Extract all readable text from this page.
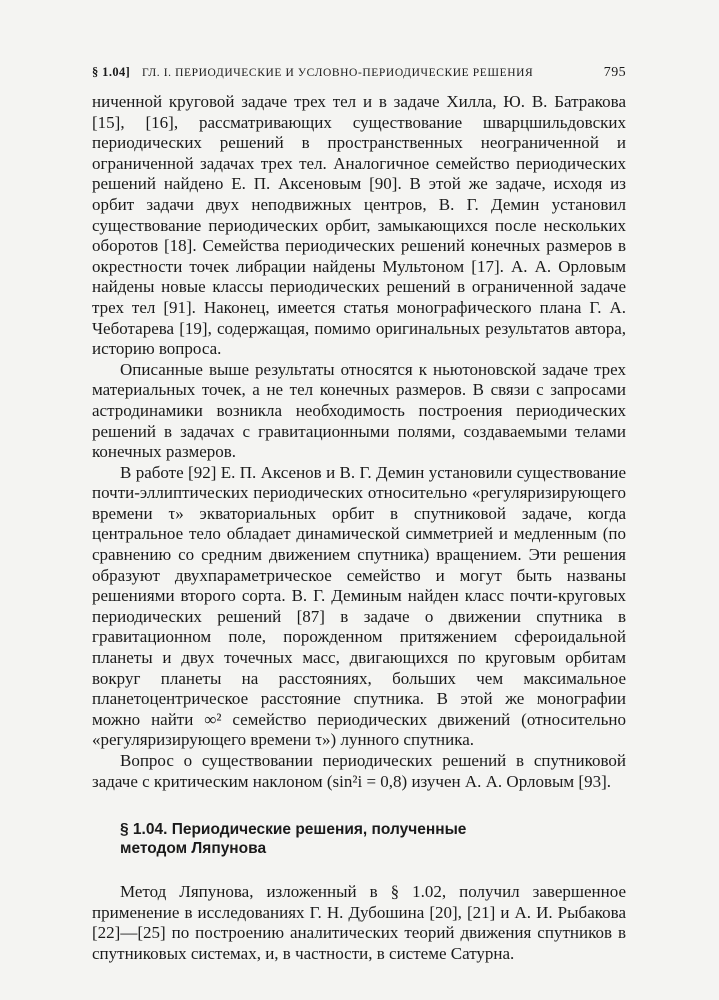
§ 1.04]	ГЛ. I. ПЕРИОДИЧЕСКИЕ И УСЛОВНО-ПЕРИОДИЧЕСКИЕ РЕШЕНИЯ	795

ниченной круговой задаче трех тел и в задаче Хилла, Ю. В. Батракова [15], [16], рассматривающих существование шварцшильдовских периодических решений в пространственных неограниченной и ограниченной задачах трех тел. Аналогичное семейство периодических решений найдено Е. П. Аксеновым [90]. В этой же задаче, исходя из орбит задачи двух неподвижных центров, В. Г. Демин установил существование периодических орбит, замыкающихся после нескольких оборотов [18]. Семейства периодических решений конечных размеров в окрестности точек либрации найдены Мультоном [17]. А. А. Орловым найдены новые классы периодических решений в ограниченной задаче трех тел [91]. Наконец, имеется статья монографического плана Г. А. Чеботарева [19], содержащая, помимо оригинальных результатов автора, историю вопроса.

Описанные выше результаты относятся к ньютоновской задаче трех материальных точек, а не тел конечных размеров. В связи с запросами астродинамики возникла необходимость построения периодических решений в задачах с гравитационными полями, создаваемыми телами конечных размеров.

В работе [92] Е. П. Аксенов и В. Г. Демин установили существование почти-эллиптических периодических относительно «регуляризирующего времени τ» экваториальных орбит в спутниковой задаче, когда центральное тело обладает динамической симметрией и медленным (по сравнению со средним движением спутника) вращением. Эти решения образуют двухпараметрическое семейство и могут быть названы решениями второго сорта. В. Г. Деминым найден класс почти-круговых периодических решений [87] в задаче о движении спутника в гравитационном поле, порожденном притяжением сфероидальной планеты и двух точечных масс, двигающихся по круговым орбитам вокруг планеты на расстояниях, больших чем максимальное планетоцентрическое расстояние спутника. В этой же монографии можно найти ∞² семейство периодических движений (относительно «регуляризирующего времени τ») лунного спутника.

Вопрос о существовании периодических решений в спутниковой задаче с критическим наклоном (sin²i = 0,8) изучен А. А. Орловым [93].

§ 1.04. Периодические решения, полученные
методом Ляпунова

Метод Ляпунова, изложенный в § 1.02, получил завершенное применение в исследованиях Г. Н. Дубошина [20], [21] и А. И. Рыбакова [22]—[25] по построению аналитических теорий движения спутников в спутниковых системах, и, в частности, в системе Сатурна.
